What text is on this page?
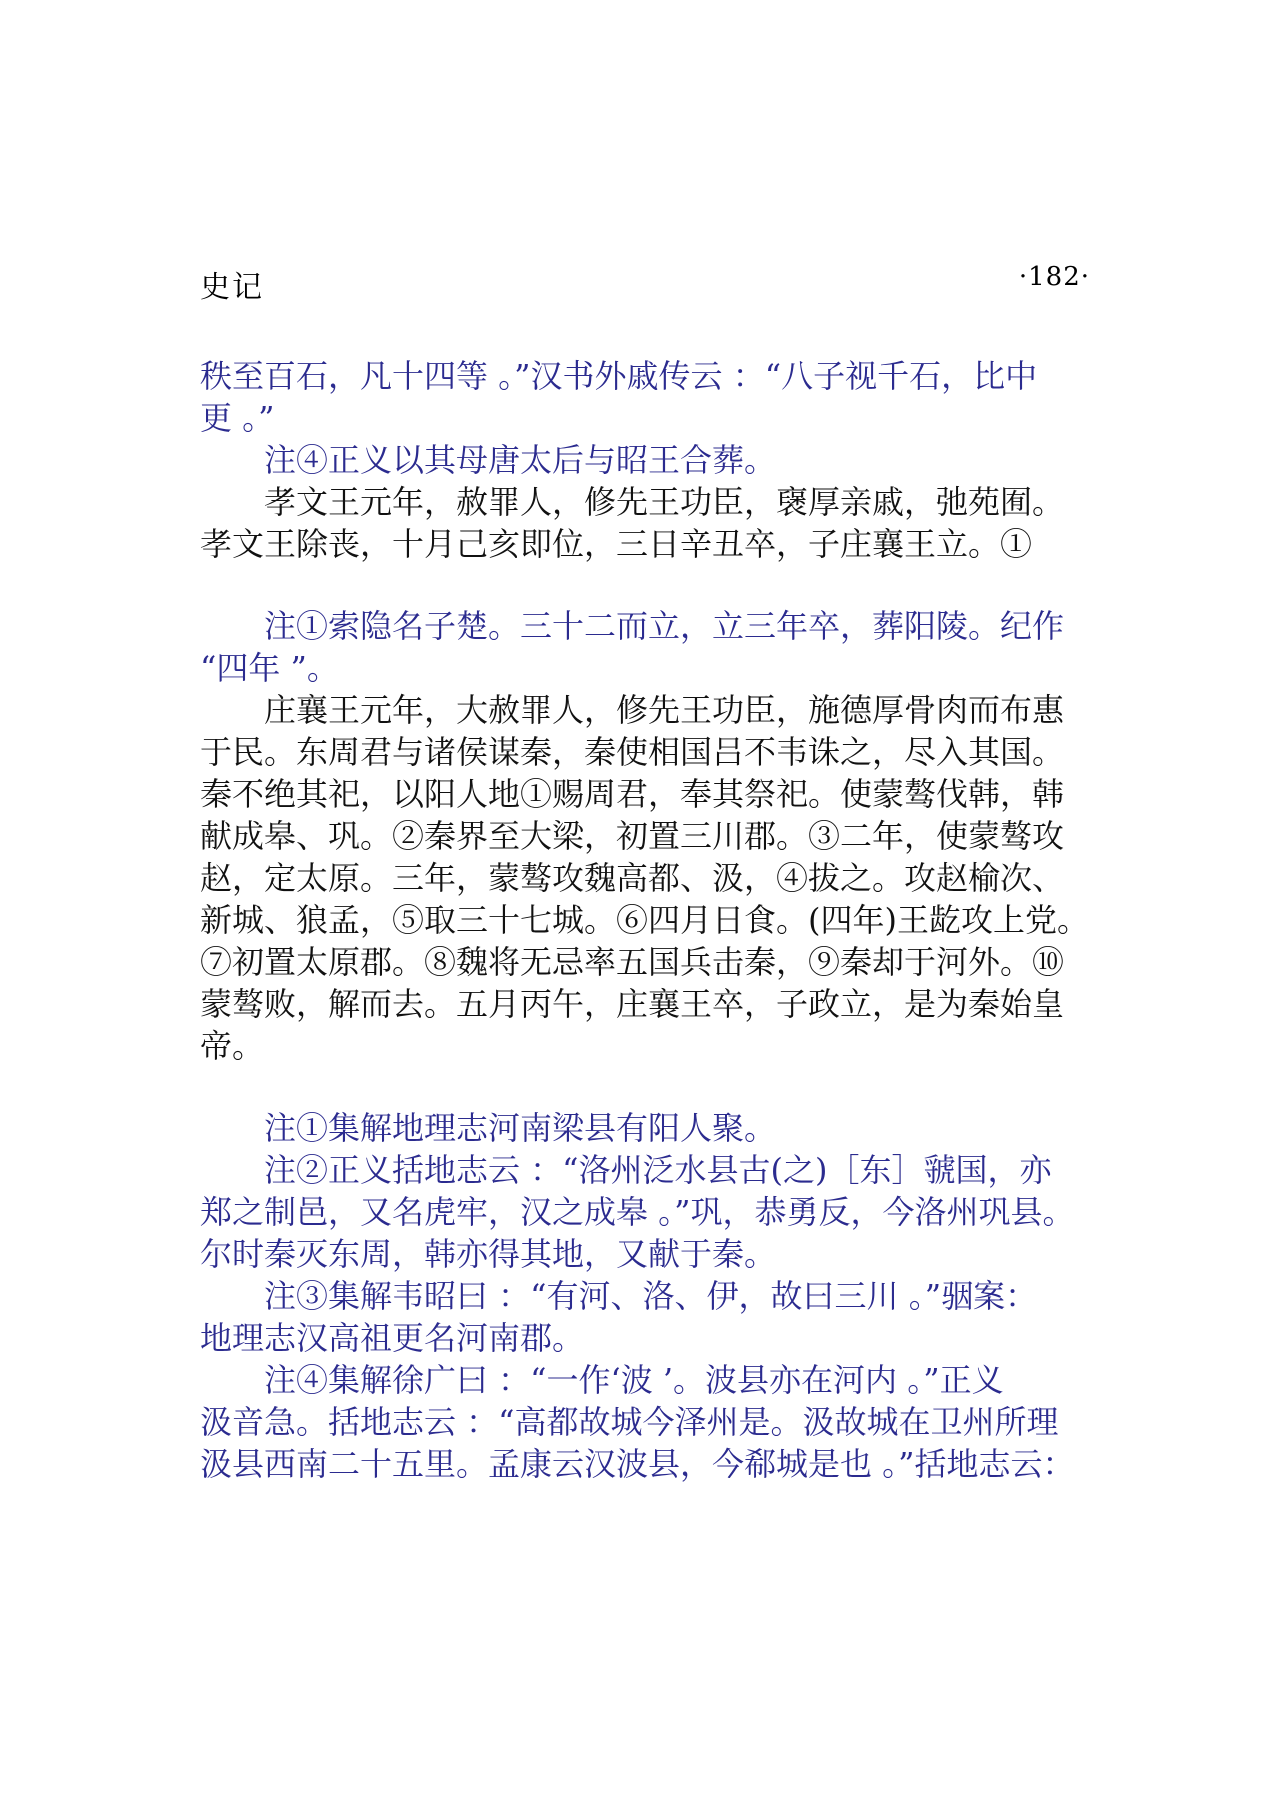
史记	·182·

秩至百石，凡十四等 。”汉书外戚传云 ：“八子视千石，比中

更 。”

　　注④正义以其母唐太后与昭王合葬。

　　孝文王元年，赦罪人，修先王功臣，襃厚亲戚，弛苑囿。

孝文王除丧，十月己亥即位，三日辛丑卒，子庄襄王立。①

　　注①索隐名子楚。三十二而立，立三年卒，葬阳陵。纪作

“四年 ”。

　　庄襄王元年，大赦罪人，修先王功臣，施德厚骨肉而布惠

于民。东周君与诸侯谋秦，秦使相国吕不韦诛之，尽入其国。

秦不绝其祀，以阳人地①赐周君，奉其祭祀。使蒙骜伐韩，韩

献成皋、巩。②秦界至大梁，初置三川郡。③二年，使蒙骜攻

赵，定太原。三年，蒙骜攻魏高都、汲，④拔之。攻赵榆次、

新城、狼孟，⑤取三十七城。⑥四月日食。(四年)王龁攻上党。

⑦初置太原郡。⑧魏将无忌率五国兵击秦，⑨秦却于河外。⑩

蒙骜败，解而去。五月丙午，庄襄王卒，子政立，是为秦始皇

帝。

　　注①集解地理志河南梁县有阳人聚。

　　注②正义括地志云 ：“洛州泛水县古(之)［东］虢国，亦

郑之制邑，又名虎牢，汉之成皋 。”巩，恭勇反，今洛州巩县。

尔时秦灭东周，韩亦得其地，又献于秦。

　　注③集解韦昭曰 ：“有河、洛、伊，故曰三川 。”骃案：

地理志汉高祖更名河南郡。

　　注④集解徐广曰 ：“一作‘波 ’。波县亦在河内 。”正义

汲音急。括地志云 ：“高都故城今泽州是。汲故城在卫州所理

汲县西南二十五里。孟康云汉波县，今郗城是也 。”括地志云：
